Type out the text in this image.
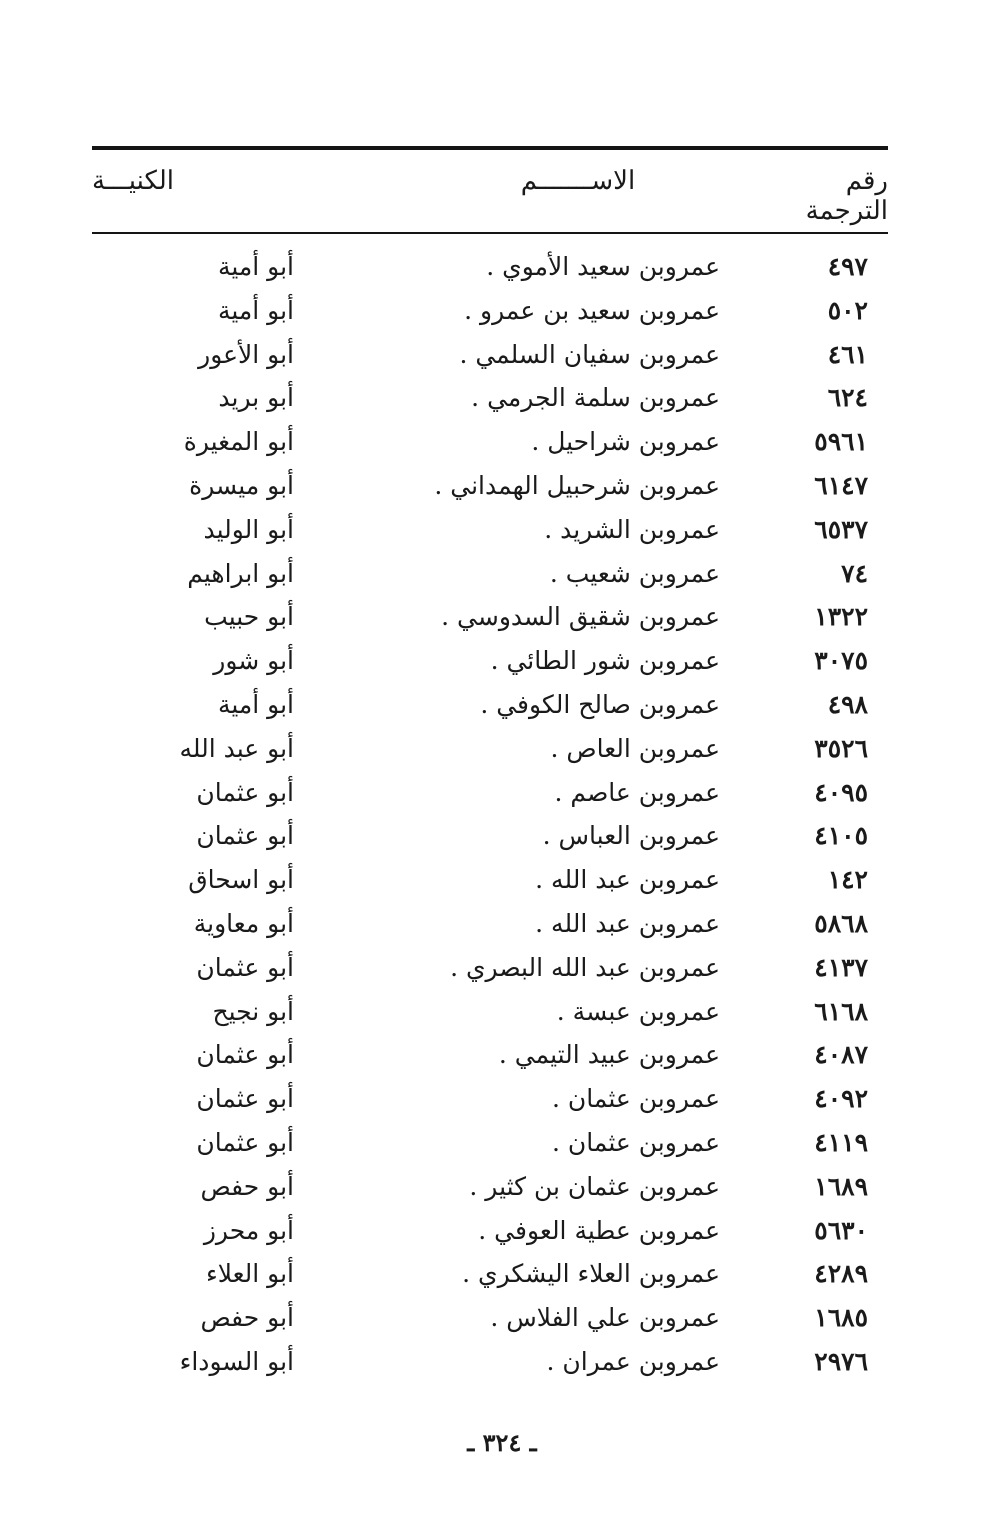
رقم الترجمة
الاســـــــم
الكنيـــة
٤٩٧
عمروبن سعيد الأموي .
أبو أمية
٥٠٢
عمروبن سعيد بن عمرو .
أبو أمية
٤٦١
عمروبن سفيان السلمي .
أبو الأعور
٦٢٤
عمروبن سلمة الجرمي .
أبو بريد
٥٩٦١
عمروبن شراحيل .
أبو المغيرة
٦١٤٧
عمروبن شرحبيل الهمداني .
أبو ميسرة
٦٥٣٧
عمروبن الشريد .
أبو الوليد
٧٤
عمروبن شعيب .
أبو ابراهيم
١٣٢٢
عمروبن شقيق السدوسي .
أبو حبيب
٣٠٧٥
عمروبن شور الطائي .
أبو شور
٤٩٨
عمروبن صالح الكوفي .
أبو أمية
٣٥٢٦
عمروبن العاص .
أبو عبد الله
٤٠٩٥
عمروبن عاصم .
أبو عثمان
٤١٠٥
عمروبن العباس .
أبو عثمان
١٤٢
عمروبن عبد الله .
أبو اسحاق
٥٨٦٨
عمروبن عبد الله .
أبو معاوية
٤١٣٧
عمروبن عبد الله البصري .
أبو عثمان
٦١٦٨
عمروبن عبسة .
أبو نجيح
٤٠٨٧
عمروبن عبيد التيمي .
أبو عثمان
٤٠٩٢
عمروبن عثمان .
أبو عثمان
٤١١٩
عمروبن عثمان .
أبو عثمان
١٦٨٩
عمروبن عثمان بن كثير .
أبو حفص
٥٦٣٠
عمروبن عطية العوفي .
أبو محرز
٤٢٨٩
عمروبن العلاء اليشكري .
أبو العلاء
١٦٨٥
عمروبن علي الفلاس .
أبو حفص
٢٩٧٦
عمروبن عمران .
أبو السوداء
ـ ٣٢٤ ـ
